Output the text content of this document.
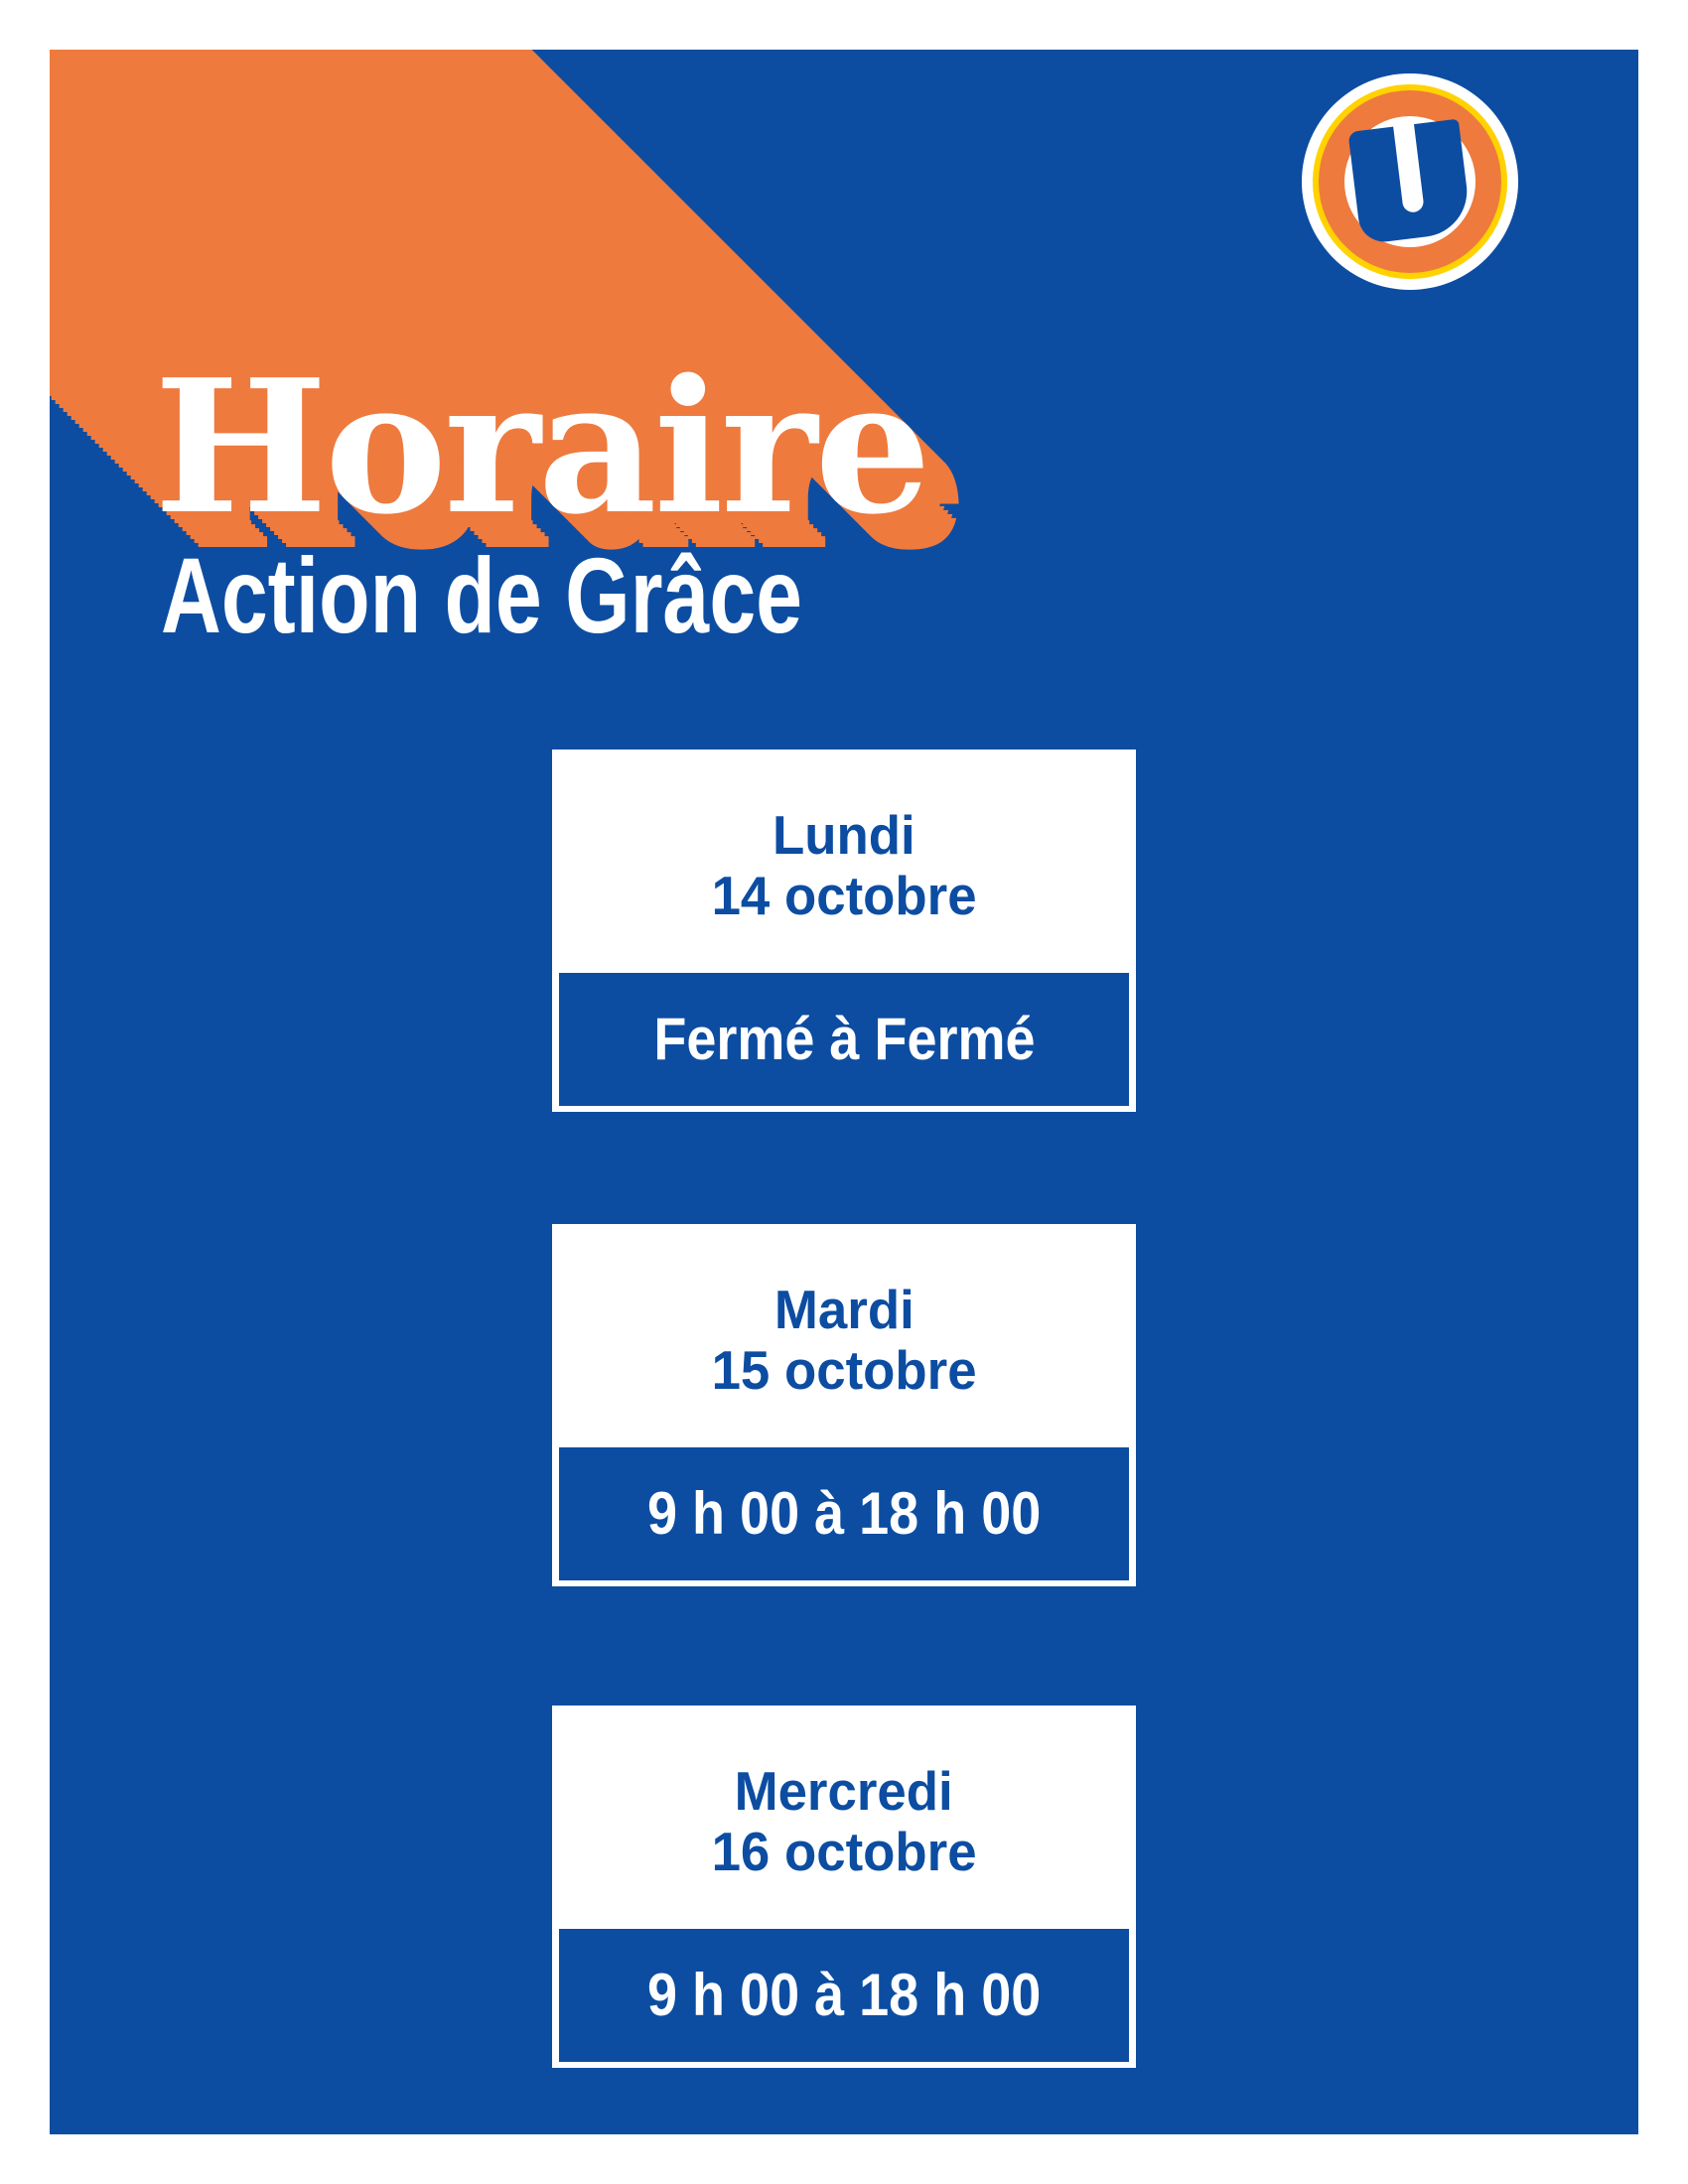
Horaire
Action de Grâce
Lundi
14 octobre
Fermé à Fermé
Mardi
15 octobre
9 h 00 à 18 h 00
Mercredi
16 octobre
9 h 00 à 18 h 00
